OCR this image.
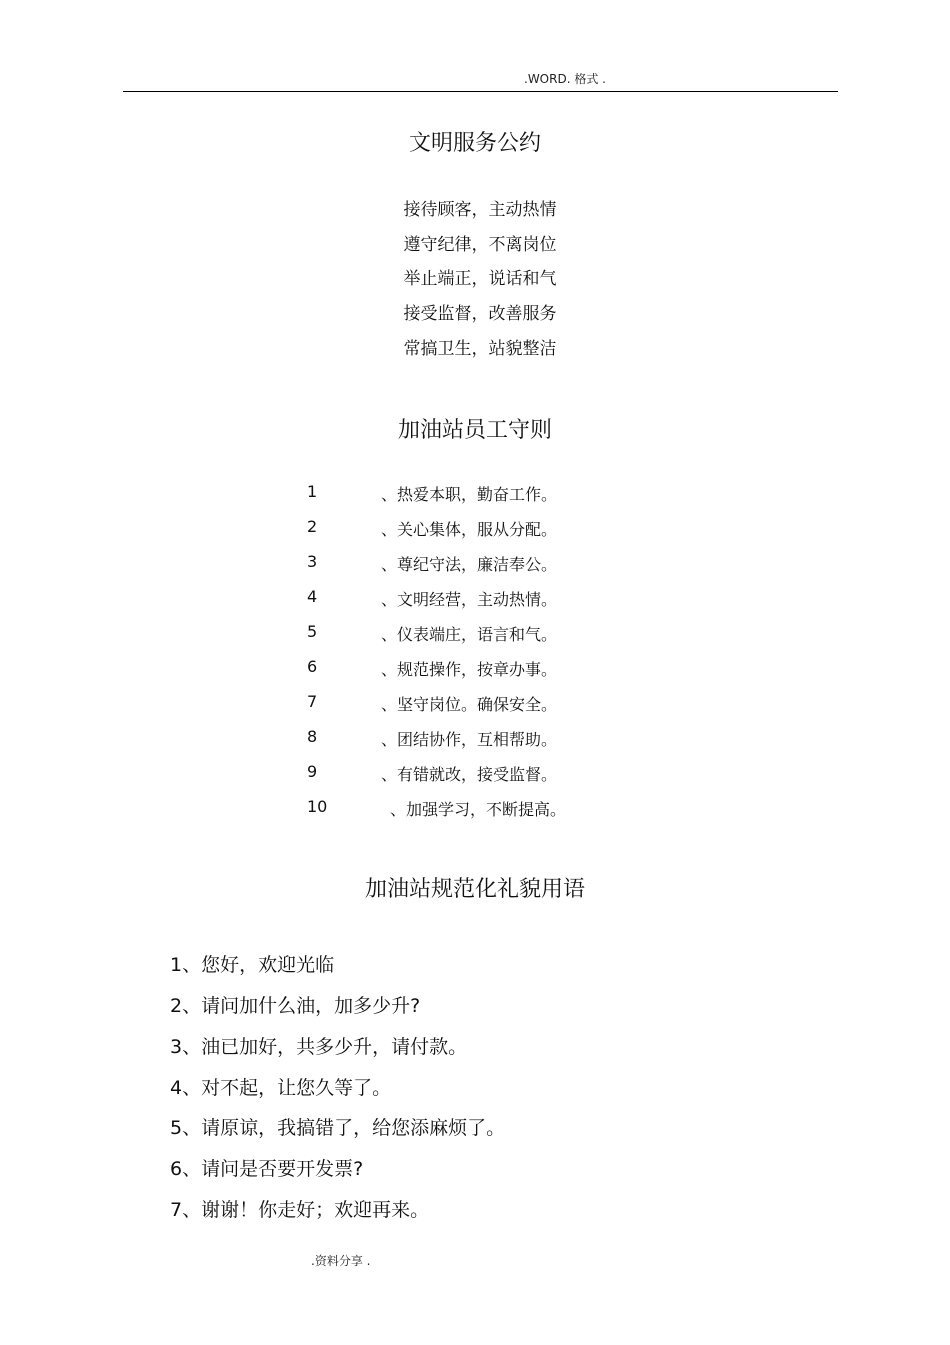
.WORD. 格式 .
文明服务公约
接待顾客，主动热情
遵守纪律，不离岗位
举止端正，说话和气
接受监督，改善服务
常搞卫生，站貌整洁
加油站员工守则
1	、热爱本职，勤奋工作。
2	、关心集体，服从分配。
3	、尊纪守法，廉洁奉公。
4	、文明经营，主动热情。
5	、仪表端庄，语言和气。
6	、规范操作，按章办事。
7	、坚守岗位。确保安全。
8	、团结协作，互相帮助。
9	、有错就改，接受监督。
10	、加强学习，不断提高。
加油站规范化礼貌用语
1、您好，欢迎光临
2、请问加什么油，加多少升?
3、油已加好，共多少升，请付款。
4、对不起，让您久等了。
5、请原谅，我搞错了，给您添麻烦了。
6、请问是否要开发票?
7、谢谢！你走好；欢迎再来。
.资料分享 .
